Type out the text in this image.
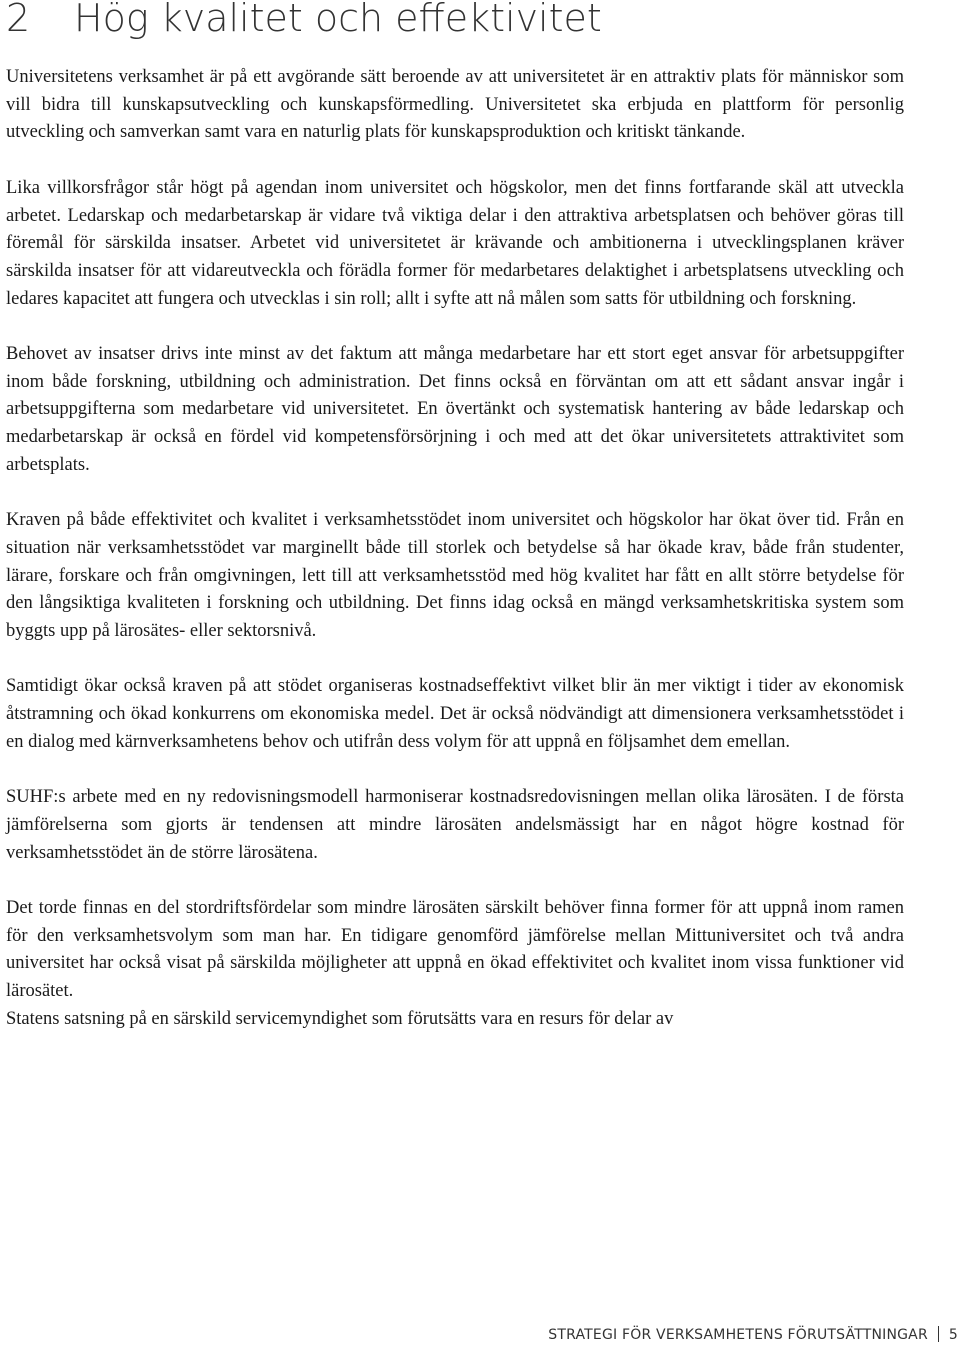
2 Hög kvalitet och effektivitet

Universitetens verksamhet är på ett avgörande sätt beroende av att universitetet är en attraktiv plats för människor som vill bidra till kunskapsutveckling och kunskapsförmedling. Universitetet ska erbjuda en plattform för personlig utveckling och samverkan samt vara en naturlig plats för kunskapsproduktion och kritiskt tänkande.

Lika villkorsfrågor står högt på agendan inom universitet och högskolor, men det finns fortfarande skäl att utveckla arbetet. Ledarskap och medarbetarskap är vidare två viktiga delar i den attraktiva arbetsplatsen och behöver göras till föremål för särskilda insatser. Arbetet vid universitetet är krävande och ambitionerna i utvecklingsplanen kräver särskilda insatser för att vidareutveckla och förädla former för medarbetares delaktighet i arbetsplatsens utveckling och ledares kapacitet att fungera och utvecklas i sin roll; allt i syfte att nå målen som satts för utbildning och forskning.

Behovet av insatser drivs inte minst av det faktum att många medarbetare har ett stort eget ansvar för arbetsuppgifter inom både forskning, utbildning och administration. Det finns också en förväntan om att ett sådant ansvar ingår i arbetsuppgifterna som medarbetare vid universitetet. En övertänkt och systematisk hantering av både ledarskap och medarbetarskap är också en fördel vid kompetensförsörjning i och med att det ökar universitetets attraktivitet som arbetsplats.

Kraven på både effektivitet och kvalitet i verksamhetsstödet inom universitet och högskolor har ökat över tid. Från en situation när verksamhetsstödet var marginellt både till storlek och betydelse så har ökade krav, både från studenter, lärare, forskare och från omgivningen, lett till att verksamhetsstöd med hög kvalitet har fått en allt större betydelse för den långsiktiga kvaliteten i forskning och utbildning. Det finns idag också en mängd verksamhetskritiska system som byggts upp på lärosätes- eller sektorsnivå.

Samtidigt ökar också kraven på att stödet organiseras kostnadseffektivt vilket blir än mer viktigt i tider av ekonomisk åtstramning och ökad konkurrens om ekonomiska medel. Det är också nödvändigt att dimensionera verksamhetsstödet i en dialog med kärnverksamhetens behov och utifrån dess volym för att uppnå en följsamhet dem emellan.

SUHF:s arbete med en ny redovisningsmodell harmoniserar kostnadsredovisningen mellan olika lärosäten. I de första jämförelserna som gjorts är tendensen att mindre lärosäten andelsmässigt har en något högre kostnad för verksamhetsstödet än de större lärosätena.

Det torde finnas en del stordriftsfördelar som mindre lärosäten särskilt behöver finna former för att uppnå inom ramen för den verksamhetsvolym som man har. En tidigare genomförd jämförelse mellan Mittuniversitet och två andra universitet har också visat på särskilda möjligheter att uppnå en ökad effektivitet och kvalitet inom vissa funktioner vid lärosätet.

Statens satsning på en särskild servicemyndighet som förutsätts vara en resurs för delar av

STRATEGI FÖR VERKSAMHETENS FÖRUTSÄTTNINGAR 5
